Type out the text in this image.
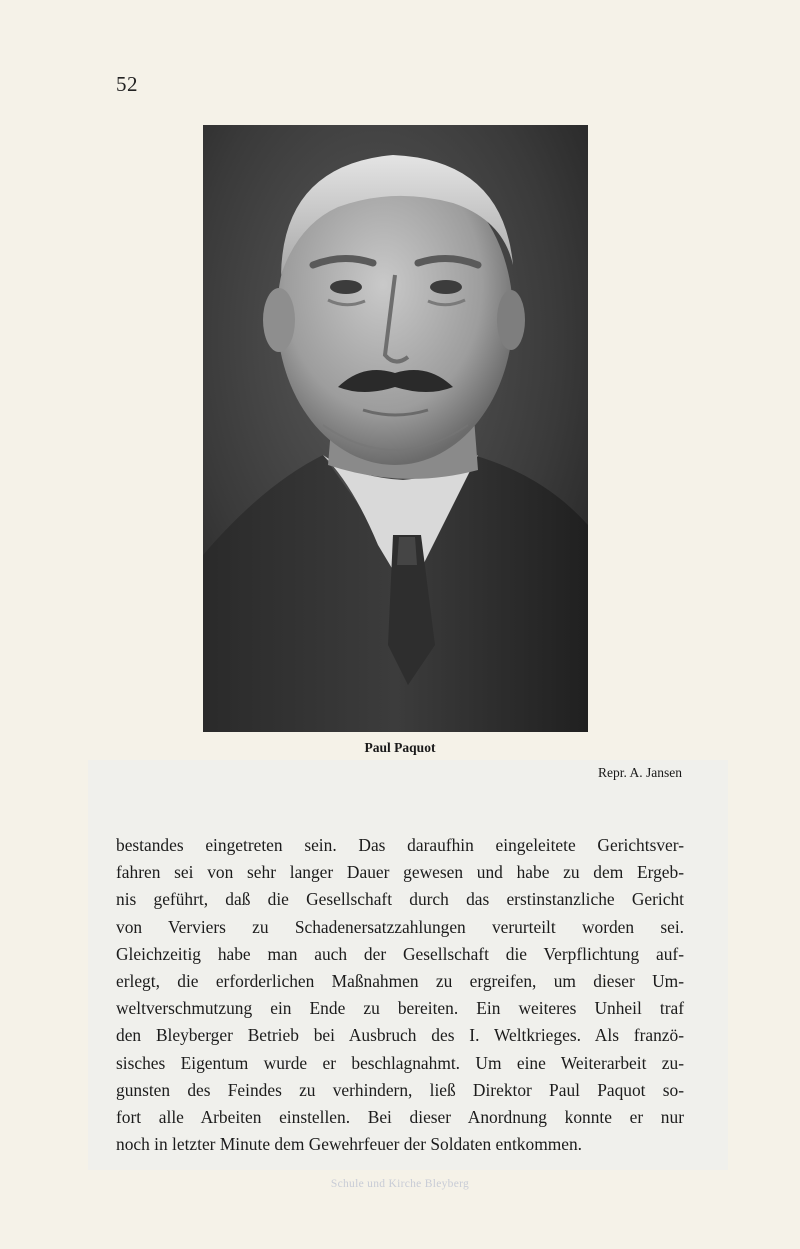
52
Paul Paquot
Repr. A. Jansen
bestandes eingetreten sein. Das daraufhin eingeleitete Gerichtsver-
fahren sei von sehr langer Dauer gewesen und habe zu dem Ergeb-
nis geführt, daß die Gesellschaft durch das erstinstanzliche Gericht
von Verviers zu Schadenersatzzahlungen verurteilt worden sei.
Gleichzeitig habe man auch der Gesellschaft die Verpflichtung auf-
erlegt, die erforderlichen Maßnahmen zu ergreifen, um dieser Um-
weltverschmutzung ein Ende zu bereiten. Ein weiteres Unheil traf
den Bleyberger Betrieb bei Ausbruch des I. Weltkrieges. Als franzö-
sisches Eigentum wurde er beschlagnahmt. Um eine Weiterarbeit zu-
gunsten des Feindes zu verhindern, ließ Direktor Paul Paquot so-
fort alle Arbeiten einstellen. Bei dieser Anordnung konnte er nur
noch in letzter Minute dem Gewehrfeuer der Soldaten entkommen.
Schule und Kirche Bleyberg
